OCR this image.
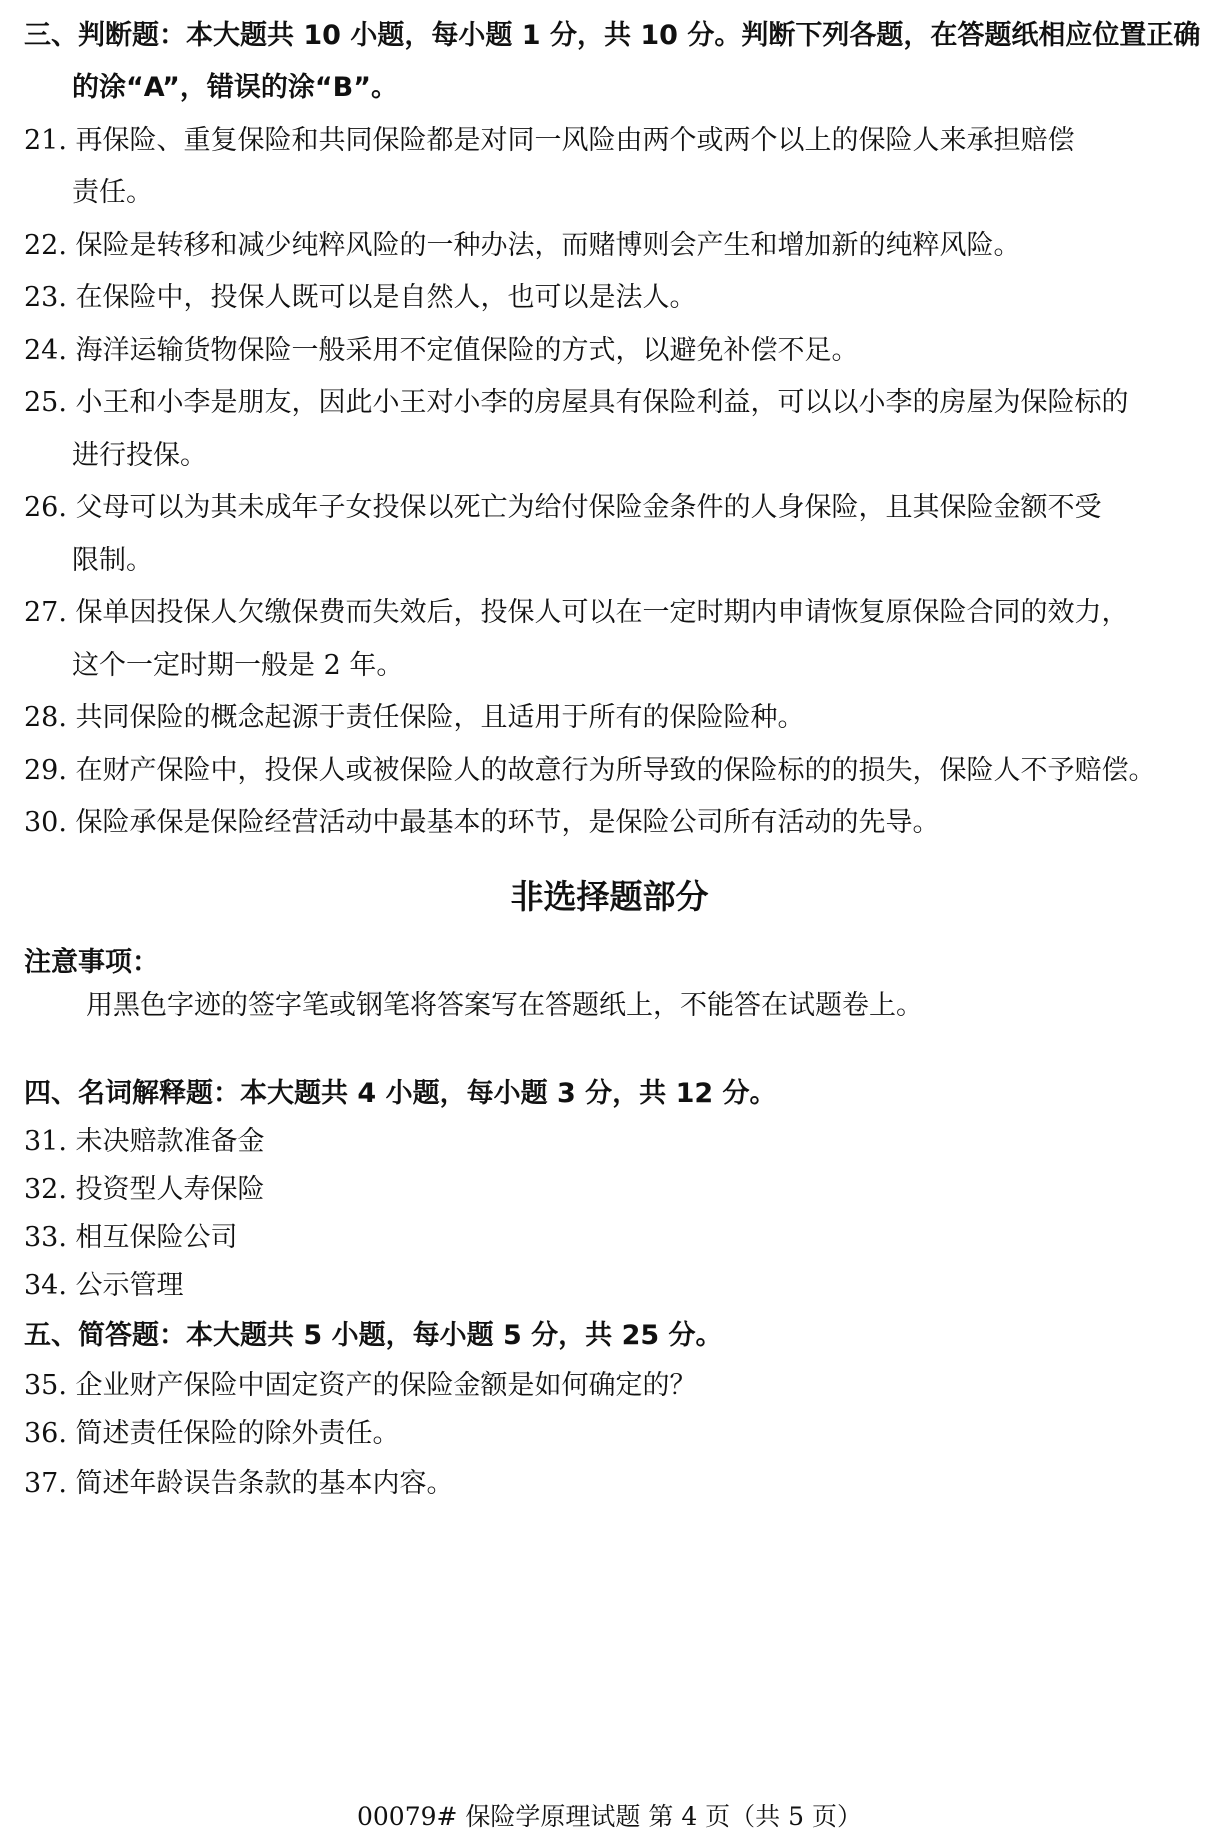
三、判断题：本大题共 10 小题，每小题 1 分，共 10 分。判断下列各题，在答题纸相应位置正确
的涂“A”，错误的涂“B”。
21. 再保险、重复保险和共同保险都是对同一风险由两个或两个以上的保险人来承担赔偿
责任。
22. 保险是转移和减少纯粹风险的一种办法，而赌博则会产生和增加新的纯粹风险。
23. 在保险中，投保人既可以是自然人，也可以是法人。
24. 海洋运输货物保险一般采用不定值保险的方式，以避免补偿不足。
25. 小王和小李是朋友，因此小王对小李的房屋具有保险利益，可以以小李的房屋为保险标的
进行投保。
26. 父母可以为其未成年子女投保以死亡为给付保险金条件的人身保险，且其保险金额不受
限制。
27. 保单因投保人欠缴保费而失效后，投保人可以在一定时期内申请恢复原保险合同的效力，
这个一定时期一般是 2 年。
28. 共同保险的概念起源于责任保险，且适用于所有的保险险种。
29. 在财产保险中，投保人或被保险人的故意行为所导致的保险标的的损失，保险人不予赔偿。
30. 保险承保是保险经营活动中最基本的环节，是保险公司所有活动的先导。
非选择题部分
注意事项：
用黑色字迹的签字笔或钢笔将答案写在答题纸上，不能答在试题卷上。
四、名词解释题：本大题共 4 小题，每小题 3 分，共 12 分。
31. 未决赔款准备金
32. 投资型人寿保险
33. 相互保险公司
34. 公示管理
五、简答题：本大题共 5 小题，每小题 5 分，共 25 分。
35. 企业财产保险中固定资产的保险金额是如何确定的？
36. 简述责任保险的除外责任。
37. 简述年龄误告条款的基本内容。
00079# 保险学原理试题 第 4 页（共 5 页）
